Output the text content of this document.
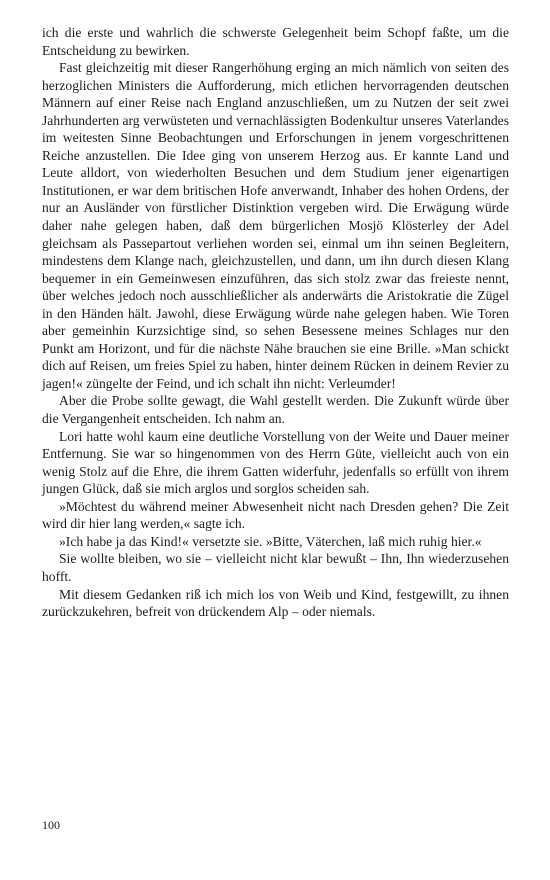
ich die erste und wahrlich die schwerste Gelegenheit beim Schopf faßte, um die Entscheidung zu bewirken.

Fast gleichzeitig mit dieser Rangerhöhung erging an mich nämlich von seiten des herzoglichen Ministers die Aufforderung, mich etlichen hervorragenden deutschen Männern auf einer Reise nach England anzuschließen, um zu Nutzen der seit zwei Jahrhunderten arg verwüsteten und vernachlässigten Bodenkultur unseres Vaterlandes im weitesten Sinne Beobachtungen und Erforschungen in jenem vorgeschrittenen Reiche anzustellen. Die Idee ging von unserem Herzog aus. Er kannte Land und Leute alldort, von wiederholten Besuchen und dem Studium jener eigenartigen Institutionen, er war dem britischen Hofe anverwandt, Inhaber des hohen Ordens, der nur an Ausländer von fürstlicher Distinktion vergeben wird. Die Erwägung würde daher nahe gelegen haben, daß dem bürgerlichen Mosjö Klösterley der Adel gleichsam als Passepartout verliehen worden sei, einmal um ihn seinen Begleitern, mindestens dem Klange nach, gleichzustellen, und dann, um ihn durch diesen Klang bequemer in ein Gemeinwesen einzuführen, das sich stolz zwar das freieste nennt, über welches jedoch noch ausschließlicher als anderwärts die Aristokratie die Zügel in den Händen hält. Jawohl, diese Erwägung würde nahe gelegen haben. Wie Toren aber gemeinhin Kurzsichtige sind, so sehen Besessene meines Schlages nur den Punkt am Horizont, und für die nächste Nähe brauchen sie eine Brille. »Man schickt dich auf Reisen, um freies Spiel zu haben, hinter deinem Rücken in deinem Revier zu jagen!« züngelte der Feind, und ich schalt ihn nicht: Verleumder!

Aber die Probe sollte gewagt, die Wahl gestellt werden. Die Zukunft würde über die Vergangenheit entscheiden. Ich nahm an.

Lori hatte wohl kaum eine deutliche Vorstellung von der Weite und Dauer meiner Entfernung. Sie war so hingenommen von des Herrn Güte, vielleicht auch von ein wenig Stolz auf die Ehre, die ihrem Gatten widerfuhr, jedenfalls so erfüllt von ihrem jungen Glück, daß sie mich arglos und sorglos scheiden sah.

»Möchtest du während meiner Abwesenheit nicht nach Dresden gehen? Die Zeit wird dir hier lang werden,« sagte ich.

»Ich habe ja das Kind!« versetzte sie. »Bitte, Väterchen, laß mich ruhig hier.«

Sie wollte bleiben, wo sie – vielleicht nicht klar bewußt – Ihn, Ihn wiederzusehen hofft.

Mit diesem Gedanken riß ich mich los von Weib und Kind, festgewillt, zu ihnen zurückzukehren, befreit von drückendem Alp – oder niemals.

100
